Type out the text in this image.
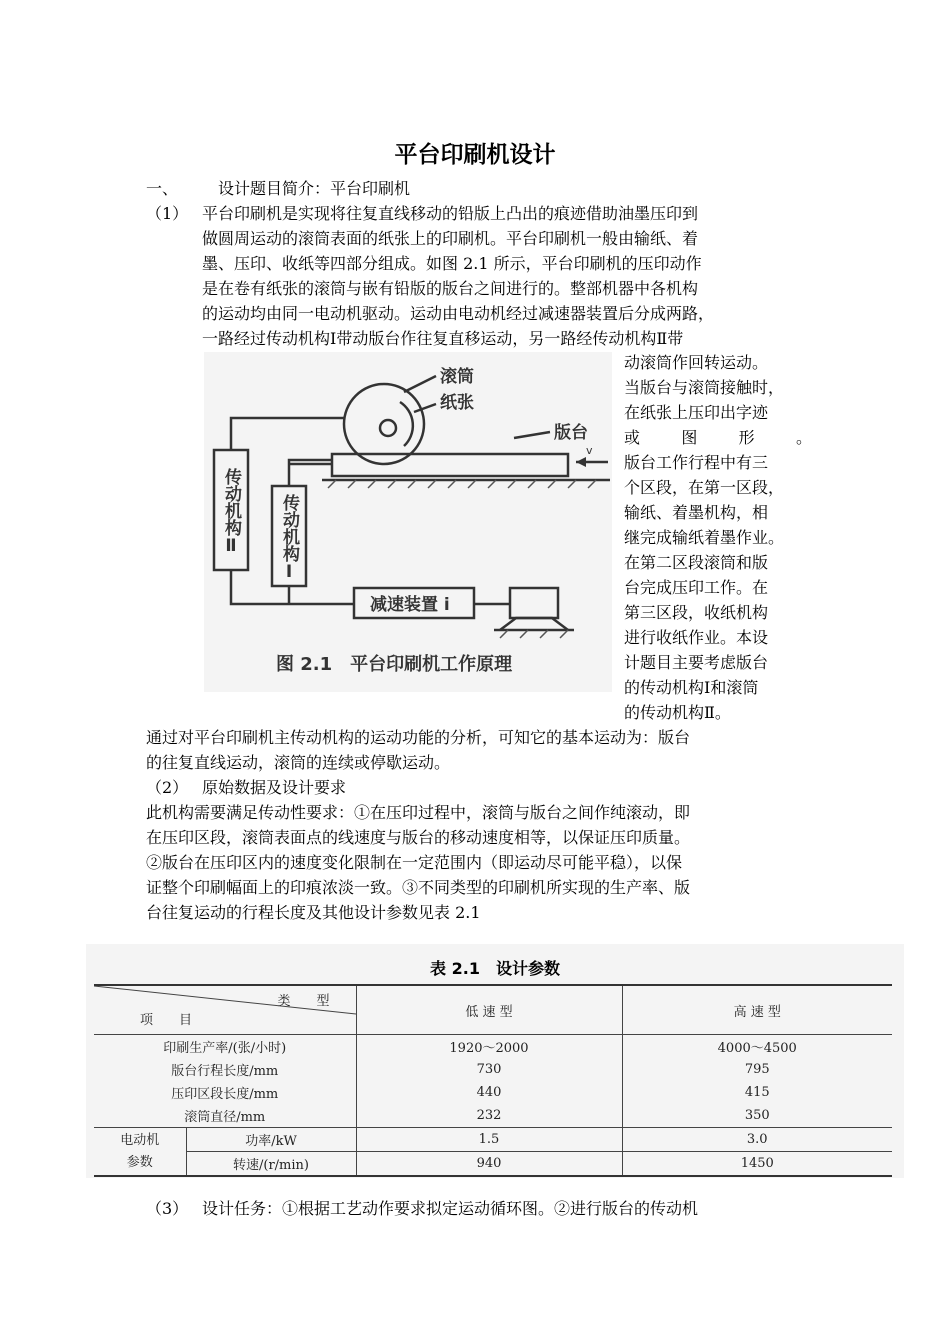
平台印刷机设计
一、 设计题目简介：平台印刷机
（1） 平台印刷机是实现将往复直线移动的铅版上凸出的痕迹借助油墨压印到
做圆周运动的滚筒表面的纸张上的印刷机。平台印刷机一般由输纸、着
墨、压印、收纸等四部分组成。如图 2.1 所示，平台印刷机的压印动作
是在卷有纸张的滚筒与嵌有铅版的版台之间进行的。整部机器中各机构
的运动均由同一电动机驱动。运动由电动机经过减速器装置后分成两路，
一路经过传动机构Ⅰ带动版台作往复直移运动，另一路经传动机构Ⅱ带
滚筒
纸张
版台
减速装置 i
v
图 2.1　平台印刷机工作原理
传动机构Ⅱ 传动机构Ⅰ
动滚筒作回转运动。
当版台与滚筒接触时，
在纸张上压印出字迹
或	图	形	。
版台工作行程中有三
个区段，在第一区段，
输纸、着墨机构，相
继完成输纸着墨作业。
在第二区段滚筒和版
台完成压印工作。在
第三区段，收纸机构
进行收纸作业。本设
计题目主要考虑版台
的传动机构Ⅰ和滚筒
的传动机构Ⅱ。
通过对平台印刷机主传动机构的运动功能的分析，可知它的基本运动为：版台
的往复直线运动，滚筒的连续或停歇运动。
（2） 原始数据及设计要求
此机构需要满足传动性要求：①在压印过程中，滚筒与版台之间作纯滚动，即
在压印区段，滚筒表面点的线速度与版台的移动速度相等，以保证压印质量。
②版台在压印区内的速度变化限制在一定范围内（即运动尽可能平稳），以保
证整个印刷幅面上的印痕浓淡一致。③不同类型的印刷机所实现的生产率、版
台往复运动的行程长度及其他设计参数见表 2.1
表 2.1　设计参数
类　　型
项　　目		低 速 型	高 速 型
印刷生产率/(张/小时)		1920～2000	4000～4500
版台行程长度/mm		730	795
压印区段长度/mm		440	415
滚筒直径/mm		232	350

电动机
参数	功率/kW	1.5	3.0
	转速/(r/min)	940	1450
（3） 设计任务：①根据工艺动作要求拟定运动循环图。②进行版台的传动机
